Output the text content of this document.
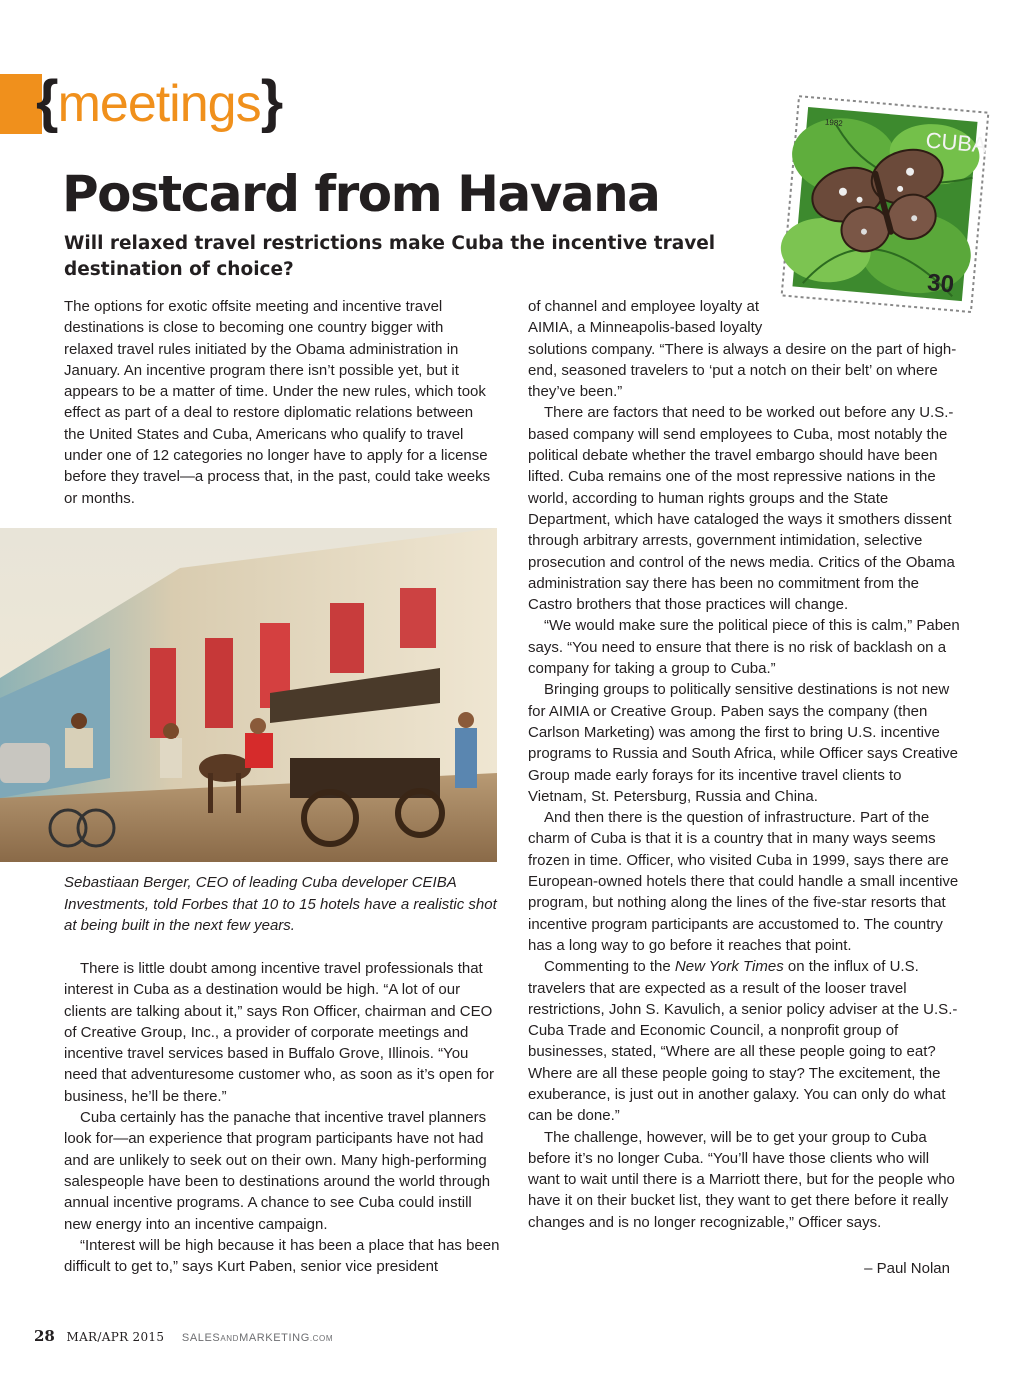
{meetings}
Postcard from Havana

Will relaxed travel restrictions make Cuba the incentive travel destination of choice?

CUBA
1982
30

The options for exotic offsite meeting and incentive travel destinations is close to becoming one country bigger with relaxed travel rules initiated by the Obama administration in January. An incentive program there isn’t possible yet, but it appears to be a matter of time. Under the new rules, which took effect as part of a deal to restore diplomatic relations between the United States and Cuba, Americans who qualify to travel under one of 12 categories no longer have to apply for a license before they travel—a process that, in the past, could take weeks or months.

Sebastiaan Berger, CEO of leading Cuba developer CEIBA Investments, told Forbes that 10 to 15 hotels have a realistic shot at being built in the next few years.

There is little doubt among incentive travel professionals that interest in Cuba as a destination would be high. “A lot of our clients are talking about it,” says Ron Officer, chairman and CEO of Creative Group, Inc., a provider of corporate meetings and incentive travel services based in Buffalo Grove, Illinois. “You need that adventuresome customer who, as soon as it’s open for business, he’ll be there.”

Cuba certainly has the panache that incentive travel planners look for—an experience that program participants have not had and are unlikely to seek out on their own. Many high-performing salespeople have been to destinations around the world through annual incentive programs. A chance to see Cuba could instill new energy into an incentive campaign.

“Interest will be high because it has been a place that has been difficult to get to,” says Kurt Paben, senior vice president

of channel and employee loyalty at AIMIA, a Minneapolis-based loyalty

solutions company. “There is always a desire on the part of high-end, seasoned travelers to ‘put a notch on their belt’ on where they’ve been.”

There are factors that need to be worked out before any U.S.-based company will send employees to Cuba, most notably the political debate whether the travel embargo should have been lifted. Cuba remains one of the most repressive nations in the world, according to human rights groups and the State Department, which have cataloged the ways it smothers dissent through arbitrary arrests, government intimidation, selective prosecution and control of the news media. Critics of the Obama administration say there has been no commitment from the Castro brothers that those practices will change.

“We would make sure the political piece of this is calm,” Paben says. “You need to ensure that there is no risk of backlash on a company for taking a group to Cuba.”

Bringing groups to politically sensitive destinations is not new for AIMIA or Creative Group. Paben says the company (then Carlson Marketing) was among the first to bring U.S. incentive programs to Russia and South Africa, while Officer says Creative Group made early forays for its incentive travel clients to Vietnam, St. Petersburg, Russia and China.

And then there is the question of infrastructure. Part of the charm of Cuba is that it is a country that in many ways seems frozen in time. Officer, who visited Cuba in 1999, says there are European-owned hotels there that could handle a small incentive program, but nothing along the lines of the five-star resorts that incentive program participants are accustomed to. The country has a long way to go before it reaches that point.

Commenting to the New York Times on the influx of U.S. travelers that are expected as a result of the looser travel restrictions, John S. Kavulich, a senior policy adviser at the U.S.-Cuba Trade and Economic Council, a nonprofit group of businesses, stated, “Where are all these people going to eat? Where are all these people going to stay? The excitement, the exuberance, is just out in another galaxy. You can only do what can be done.”

The challenge, however, will be to get your group to Cuba before it’s no longer Cuba. “You’ll have those clients who will want to wait until there is a Marriott there, but for the people who have it on their bucket list, they want to get there before it really changes and is no longer recognizable,” Officer says.

– Paul Nolan

28 MAR/APR 2015 SALESANDMARKETING.COM
